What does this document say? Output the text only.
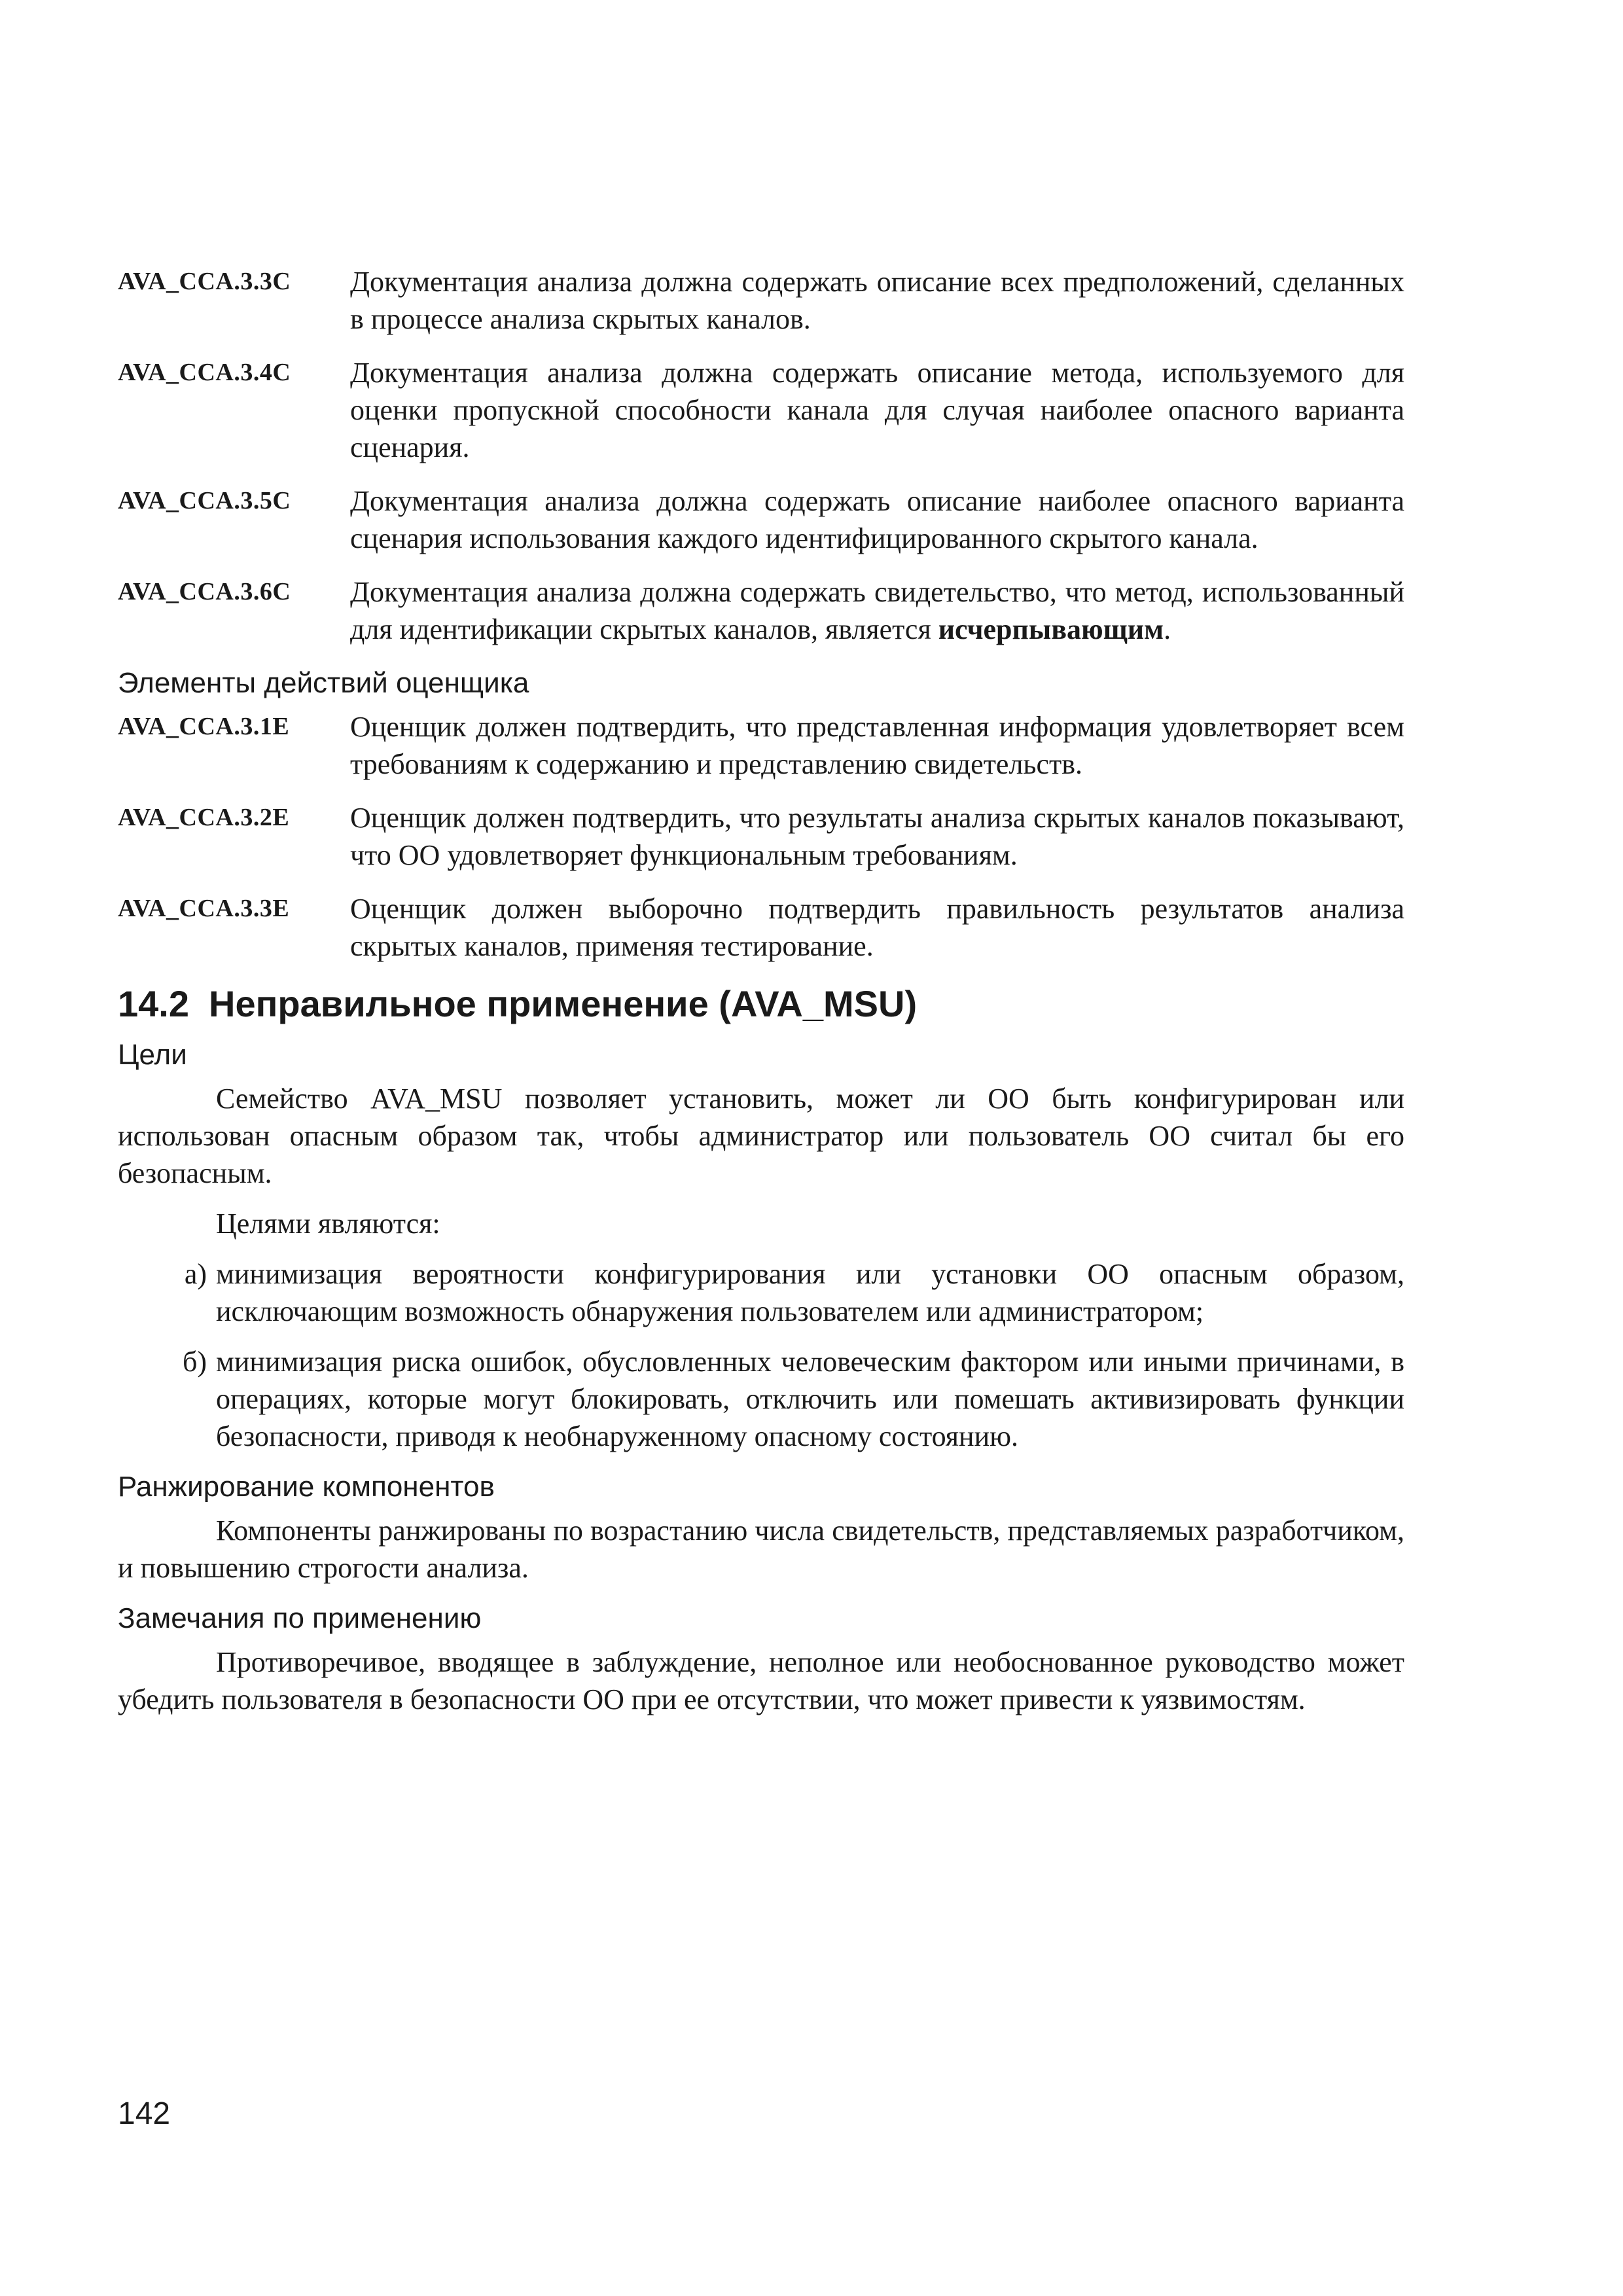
AVA_CCA.3.3C	Документация анализа должна содержать описание всех предположений, сделанных в процессе анализа скрытых каналов.
AVA_CCA.3.4C	Документация анализа должна содержать описание метода, используемого для оценки пропускной способности канала для случая наиболее опасного варианта сценария.
AVA_CCA.3.5C	Документация анализа должна содержать описание наиболее опасного варианта сценария использования каждого идентифицированного скрытого канала.
AVA_CCA.3.6C	Документация анализа должна содержать свидетельство, что метод, использованный для идентификации скрытых каналов, является исчерпывающим.
Элементы действий оценщика
AVA_CCA.3.1E	Оценщик должен подтвердить, что представленная информация удовлетворяет всем требованиям к содержанию и представлению свидетельств.
AVA_CCA.3.2E	Оценщик должен подтвердить, что результаты анализа скрытых каналов показывают, что ОО удовлетворяет функциональным требованиям.
AVA_CCA.3.3E	Оценщик должен выборочно подтвердить правильность результатов анализа скрытых каналов, применяя тестирование.
14.2 Неправильное применение (AVA_MSU)
Цели

Семейство AVA_MSU позволяет установить, может ли ОО быть конфигурирован или использован опасным образом так, чтобы администратор или пользователь ОО считал бы его безопасным.

Целями являются:

а) минимизация вероятности конфигурирования или установки ОО опасным образом, исключающим возможность обнаружения пользователем или администратором;
б) минимизация риска ошибок, обусловленных человеческим фактором или иными причинами, в операциях, которые могут блокировать, отключить или помешать активизировать функции безопасности, приводя к необнаруженному опасному состоянию.
Ранжирование компонентов

Компоненты ранжированы по возрастанию числа свидетельств, представляемых разработчиком, и повышению строгости анализа.

Замечания по применению

Противоречивое, вводящее в заблуждение, неполное или необоснованное руководство может убедить пользователя в безопасности ОО при ее отсутствии, что может привести к уязвимостям.

142
